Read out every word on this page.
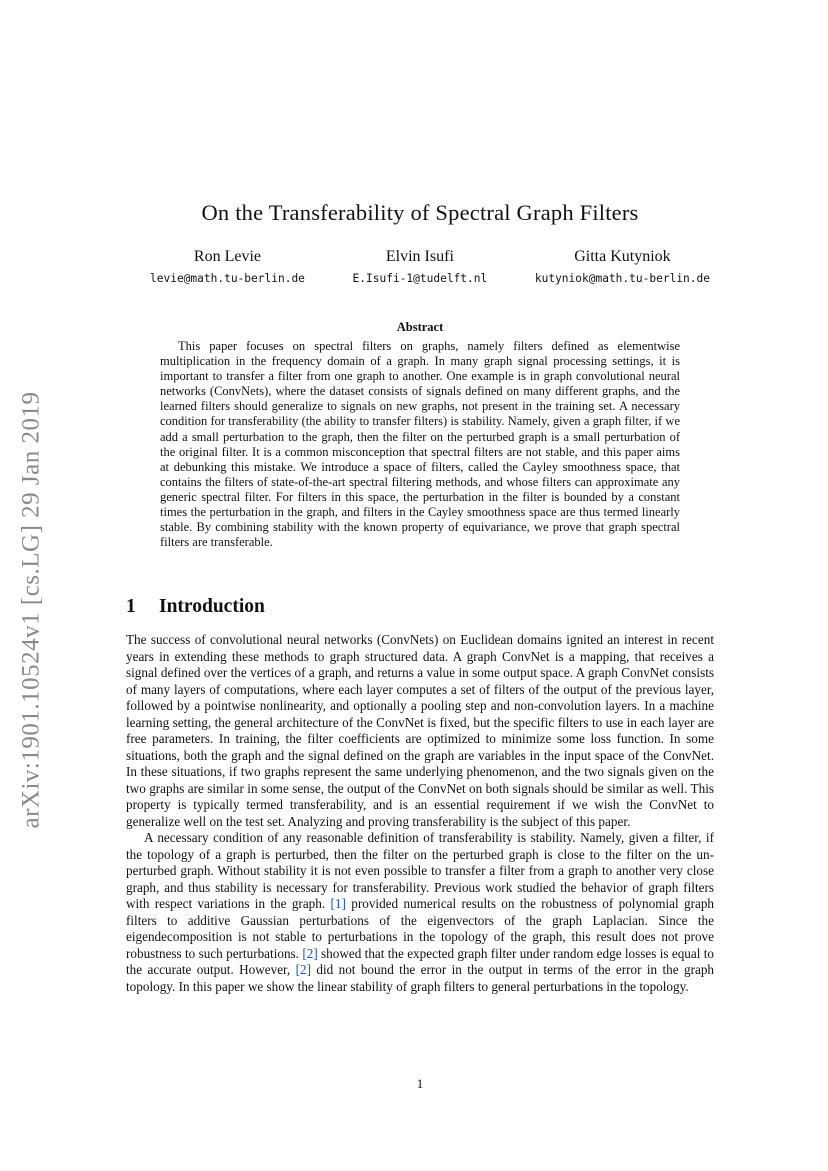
arXiv:1901.10524v1 [cs.LG] 29 Jan 2019
On the Transferability of Spectral Graph Filters
Ron Levie
levie@math.tu-berlin.de
Elvin Isufi
E.Isufi-1@tudelft.nl
Gitta Kutyniok
kutyniok@math.tu-berlin.de
Abstract

This paper focuses on spectral filters on graphs, namely filters defined as elementwise multiplication in the frequency domain of a graph. In many graph signal processing settings, it is important to transfer a filter from one graph to another. One example is in graph convolutional neural networks (ConvNets), where the dataset consists of signals defined on many different graphs, and the learned filters should generalize to signals on new graphs, not present in the training set. A necessary condition for transferability (the ability to transfer filters) is stability. Namely, given a graph filter, if we add a small perturbation to the graph, then the filter on the perturbed graph is a small perturbation of the original filter. It is a common misconception that spectral filters are not stable, and this paper aims at debunking this mistake. We introduce a space of filters, called the Cayley smoothness space, that contains the filters of state-of-the-art spectral filtering methods, and whose filters can approximate any generic spectral filter. For filters in this space, the perturbation in the filter is bounded by a constant times the perturbation in the graph, and filters in the Cayley smoothness space are thus termed linearly stable. By combining stability with the known property of equivariance, we prove that graph spectral filters are transferable.

1 Introduction

The success of convolutional neural networks (ConvNets) on Euclidean domains ignited an interest in recent years in extending these methods to graph structured data. A graph ConvNet is a mapping, that receives a signal defined over the vertices of a graph, and returns a value in some output space. A graph ConvNet consists of many layers of computations, where each layer computes a set of filters of the output of the previous layer, followed by a pointwise nonlinearity, and optionally a pooling step and non-convolution layers. In a machine learning setting, the general architecture of the ConvNet is fixed, but the specific filters to use in each layer are free parameters. In training, the filter coefficients are optimized to minimize some loss function. In some situations, both the graph and the signal defined on the graph are variables in the input space of the ConvNet. In these situations, if two graphs represent the same underlying phenomenon, and the two signals given on the two graphs are similar in some sense, the output of the ConvNet on both signals should be similar as well. This property is typically termed transferability, and is an essential requirement if we wish the ConvNet to generalize well on the test set. Analyzing and proving transferability is the subject of this paper.

A necessary condition of any reasonable definition of transferability is stability. Namely, given a filter, if the topology of a graph is perturbed, then the filter on the perturbed graph is close to the filter on the un-perturbed graph. Without stability it is not even possible to transfer a filter from a graph to another very close graph, and thus stability is necessary for transferability. Previous work studied the behavior of graph filters with respect variations in the graph. [ 1 ] provided numerical results on the robustness of polynomial graph filters to additive Gaussian perturbations of the eigenvectors of the graph Laplacian. Since the eigendecomposition is not stable to perturbations in the topology of the graph, this result does not prove robustness to such perturbations. [ 2 ] showed that the expected graph filter under random edge losses is equal to the accurate output. However, [ 2 ] did not bound the error in the output in terms of the error in the graph topology. In this paper we show the linear stability of graph filters to general perturbations in the topology.

1
